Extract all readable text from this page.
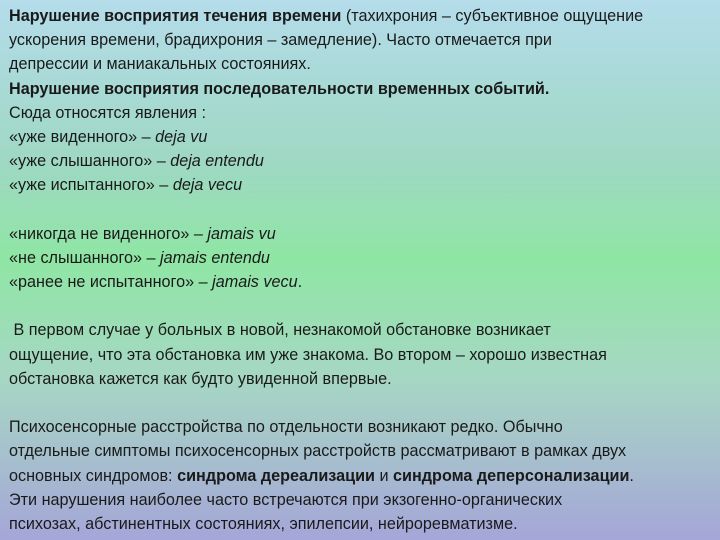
Нарушение восприятия течения времени (тахихрония – субъективное ощущение
ускорения времени, брадихрония – замедление). Часто отмечается при
депрессии и маниакальных состояниях.
Нарушение восприятия последовательности временных событий.
Сюда относятся явления :
«уже виденного» – deja vu
«уже слышанного» – deja entendu
«уже испытанного» – deja vecu
«никогда не виденного» – jamais vu
«не слышанного» – jamais entendu
«ранее не испытанного» – jamais vecu.
В первом случае у больных в новой, незнакомой обстановке возникает
ощущение, что эта обстановка им уже знакома. Во втором – хорошо известная
обстановка кажется как будто увиденной впервые.
Психосенсорные расстройства по отдельности возникают редко. Обычно
отдельные симптомы психосенсорных расстройств рассматривают в рамках двух
основных синдромов: синдрома дереализации и синдрома деперсонализации.
Эти нарушения наиболее часто встречаются при экзогенно-органических
психозах, абстинентных состояниях, эпилепсии, нейроревматизме.
